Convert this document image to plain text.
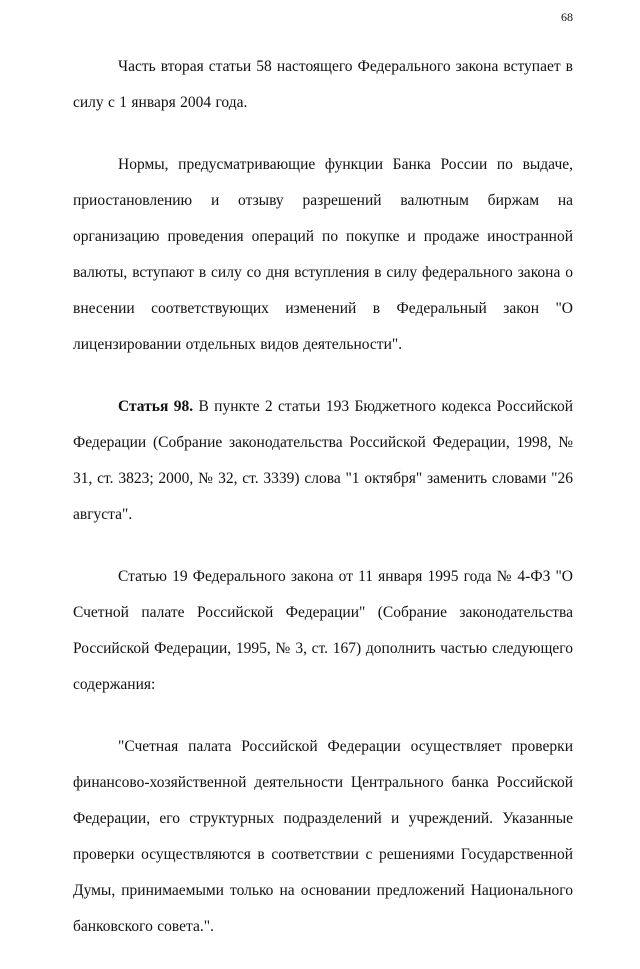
68

Часть вторая статьи 58 настоящего Федерального закона вступает в силу с 1 января 2004 года.

Нормы, предусматривающие функции Банка России по выдаче, приостановлению и отзыву разрешений валютным биржам на организацию проведения операций по покупке и продаже иностранной валюты, вступают в силу со дня вступления в силу федерального закона о внесении соответствующих изменений в Федеральный закон "О лицензировании отдельных видов деятельности".

Статья 98. В пункте 2 статьи 193 Бюджетного кодекса Российской Федерации (Собрание законодательства Российской Федерации, 1998, № 31, ст. 3823; 2000, № 32, ст. 3339) слова "1 октября" заменить словами "26 августа".

Статью 19 Федерального закона от 11 января 1995 года № 4-ФЗ "О Счетной палате Российской Федерации" (Собрание законодательства Российской Федерации, 1995, № 3, ст. 167) дополнить частью следующего содержания:

"Счетная палата Российской Федерации осуществляет проверки финансово-хозяйственной деятельности Центрального банка Российской Федерации, его структурных подразделений и учреждений. Указанные проверки осуществляются в соответствии с решениями Государственной Думы, принимаемыми только на основании предложений Национального банковского совета.".
